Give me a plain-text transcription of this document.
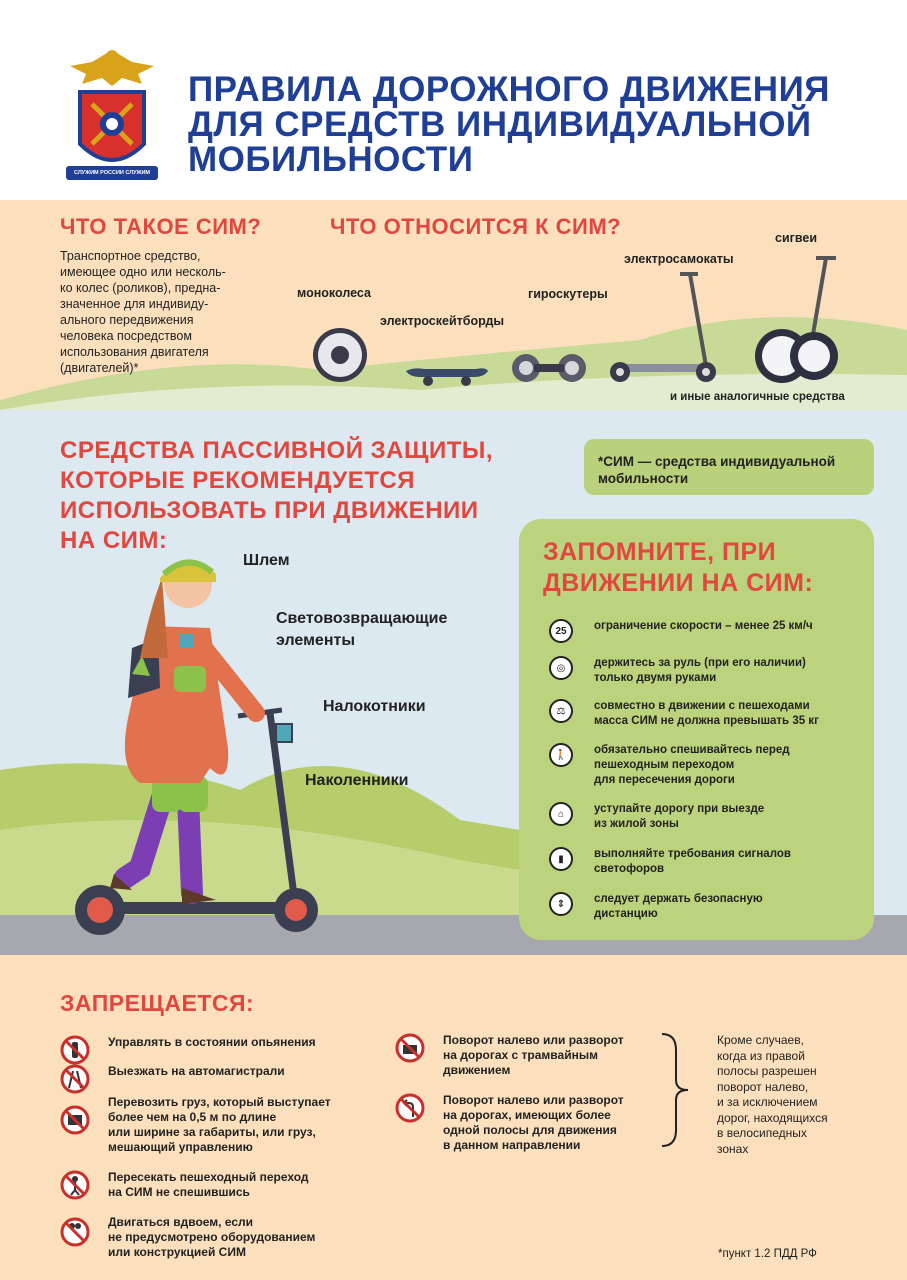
СЛУЖИМ РОССИИ СЛУЖИМ ЗАКОНУ
ПРАВИЛА ДОРОЖНОГО ДВИЖЕНИЯ
ДЛЯ СРЕДСТВ ИНДИВИДУАЛЬНОЙ
МОБИЛЬНОСТИ
ЧТО ТАКОЕ СИМ?	ЧТО ОТНОСИТСЯ К СИМ?
Транспортное средство,
имеющее одно или несколь-
ко колес (роликов), предна-
значенное для индивиду-
ального передвижения
человека посредством
использования двигателя
(двигателей)*
моноколеса
электроскейтборды
гироскутеры
электросамокаты
сигвеи
и иные аналогичные средства
СРЕДСТВА ПАССИВНОЙ ЗАЩИТЫ,
КОТОРЫЕ РЕКОМЕНДУЕТСЯ
ИСПОЛЬЗОВАТЬ ПРИ ДВИЖЕНИИ
НА СИМ:
Шлем
Световозвращающие
элементы
Налокотники
Наколенники
*СИМ — средства индивидуальной мобильности
ЗАПОМНИТЕ, ПРИ
ДВИЖЕНИИ НА СИМ:
25	ограничение скорости – менее 25 км/ч
◎	держитесь за руль (при его наличии)
только двумя руками
⚖	совместно в движении с пешеходами
масса СИМ не должна превышать 35 кг
🚶	обязательно спешивайтесь перед
пешеходным переходом
для пересечения дороги
⌂	уступайте дорогу при выезде
из жилой зоны
▮	выполняйте требования сигналов
светофоров
⇕	следует держать безопасную
дистанцию
ЗАПРЕЩАЕТСЯ:
Управлять в состоянии опьянения
Выезжать на автомагистрали
Перевозить груз, который выступает
более чем на 0,5 м по длине
или ширине за габариты, или груз,
мешающий управлению
Пересекать пешеходный переход
на СИМ не спешившись
Двигаться вдвоем, если
не предусмотрено оборудованием
или конструкцией СИМ
Поворот налево или разворот
на дорогах с трамвайным
движением
Поворот налево или разворот
на дорогах, имеющих более
одной полосы для движения
в данном направлении
Кроме случаев,
когда из правой
полосы разрешен
поворот налево,
и за исключением
дорог, находящихся
в велосипедных
зонах
*пункт 1.2 ПДД РФ
